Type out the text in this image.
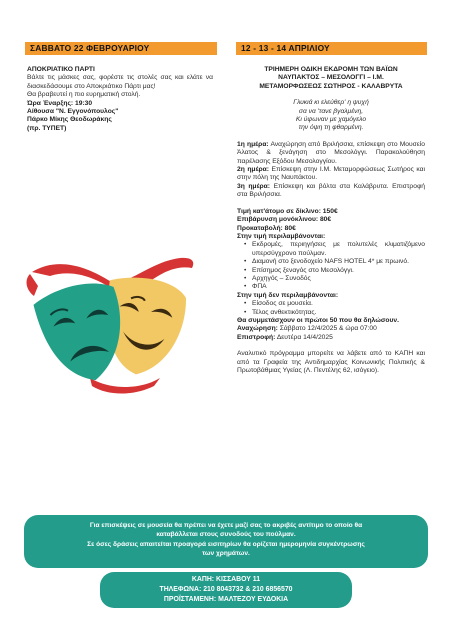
ΣΑΒΒΑΤΟ 22 ΦΕΒΡΟΥΑΡΙΟΥ	12 - 13 - 14 ΑΠΡΙΛΙΟΥ
ΑΠΟΚΡΙΑΤΙΚΟ ΠΑΡΤΙ
Βάλτε τις μάσκες σας, φορέστε τις στολές σας και ελάτε να διασκεδάσουμε στο Αποκριάτικο Πάρτι μας!
Θα βραβευτεί η πιο ευρηματική στολή.
Ώρα Έναρξης: 19:30
Αίθουσα "Ν. Εγγονόπουλος"
Πάρκο Μίκης Θεοδωράκης
(πρ. ΤΥΠΕΤ)
ΤΡΙΗΜΕΡΗ ΟΔΙΚΗ ΕΚΔΡΟΜΗ ΤΩΝ ΒΑΪΩΝ
ΝΑΥΠΑΚΤΟΣ – ΜΕΣΟΛΟΓΓΙ – Ι.Μ.
ΜΕΤΑΜΟΡΦΩΣΕΩΣ ΣΩΤΗΡΟΣ - ΚΑΛΑΒΡΥΤΑ
Γλυκιά κι ελεύθερ' η ψυχή
σα να 'τανε βγαλμένη,
Κι ύψωναν με χαμόγελο
την όψη τη φθαρμένη.
1η ημέρα: Αναχώρηση από Βριλήσσια, επίσκεψη στο Μουσείο Άλατος & ξενάγηση στο Μεσολόγγι. Παρακολούθηση παρέλασης Εξόδου Μεσολογγίου.
2η ημέρα: Επίσκεψη στην Ι.Μ. Μεταμορφώσεως Σωτήρος και στην πόλη της Ναυπάκτου.
3η ημέρα: Επίσκεψη και βόλτα στα Καλάβρυτα. Επιστροφή στα Βριλήσσια.
Τιμή κατ'άτομο σε δίκλινο: 150€
Επιβάρυνση μονόκλινου: 80€
Προκαταβολή: 80€
Στην τιμή περιλαμβάνονται:
• Εκδρομές, περιηγήσεις με πολυτελές κλιματιζόμενο υπερσύγχρονο πούλμαν.
• Διαμονή στο ξενοδοχείο NAFS HOTEL 4* με πρωινό.
• Επίσημος ξεναγός στο Μεσολόγγι.
• Αρχηγός – Συνοδός
• ΦΠΑ
Στην τιμή δεν περιλαμβάνονται:
• Είσοδος σε μουσεία.
• Τέλος ανθεκτικότητας.
Θα συμμετάσχουν οι πρώτοι 50 που θα δηλώσουν.
Αναχώρηση: Σάββατο 12/4/2025 & ώρα 07:00
Επιστροφή: Δευτέρα 14/4/2025
Αναλυτικό πρόγραμμα μπορείτε να λάβετε από το ΚΑΠΗ και από τα Γραφεία της Αντιδημαρχίας Κοινωνικής Πολιτικής & Πρωτοβάθμιας Υγείας (Λ. Πεντέλης 62, ισόγειο).
Για επισκέψεις σε μουσεία θα πρέπει να έχετε μαζί σας το ακριβές αντίτιμο το οποίο θα
καταβάλλεται στους συνοδούς του πούλμαν.
Σε όσες δράσεις απαιτείται προαγορά εισιτηρίων θα ορίζεται ημερομηνία συγκέντρωσης
των χρημάτων.
ΚΑΠΗ: ΚΙΣΣΑΒΟΥ 11
ΤΗΛΕΦΩΝΑ: 210 8043732 & 210 6856570
ΠΡΟΪΣΤΑΜΕΝΗ: ΜΑΛΤΕΖΟΥ ΕΥΔΟΚΙΑ
